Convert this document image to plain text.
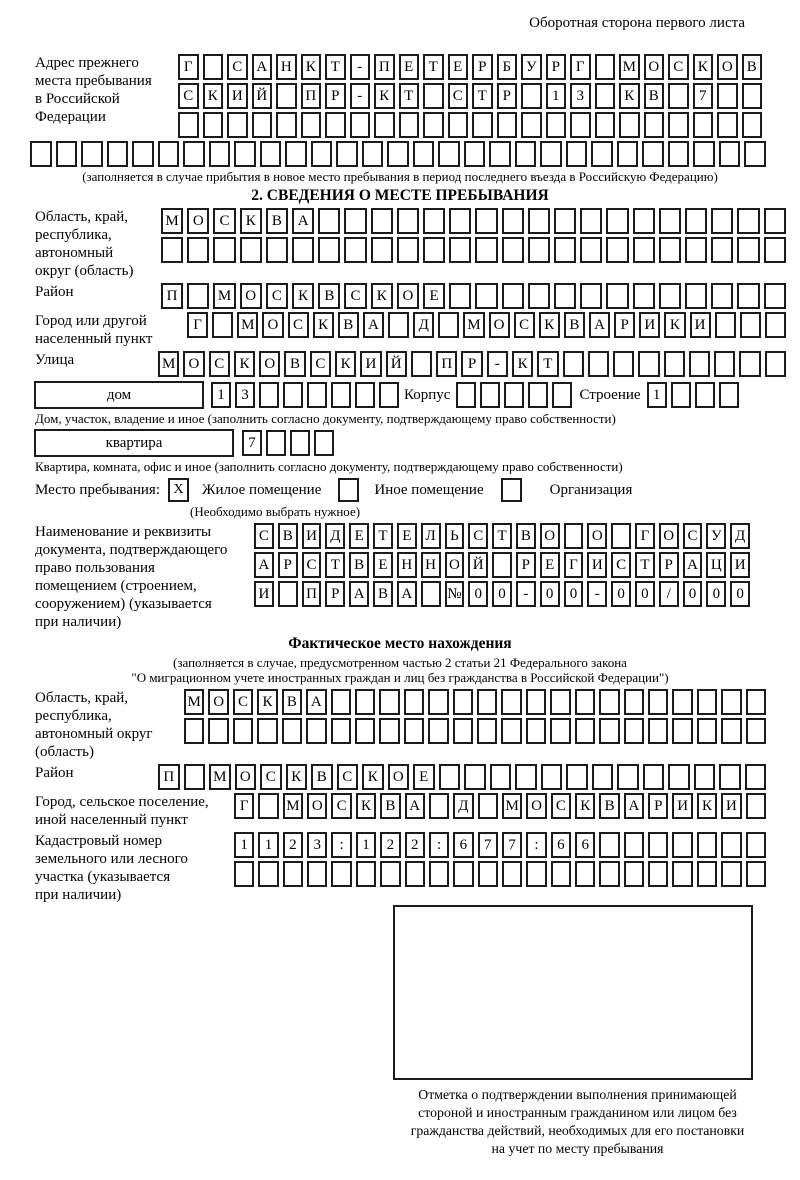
Оборотная сторона первого листа
Адрес прежнего
места пребывания
в Российской
Федерации
Г	С А Н К Т	-	П Е	Т	Е	Р	Б У	Р	Г	М О С К О В
С К И Й	П Р	-	К Т	С Т	Р	1	3	К В	7
(заполняется в случае прибытия в новое место пребывания в период последнего въезда в Российскую Федерацию)
2. СВЕДЕНИЯ О МЕСТЕ ПРЕБЫВАНИЯ
Область, край,
республика,
автономный
округ (область)
М О	С	К	В	А
Район	П	М О	С	К	В	С	К	О	Е
Город или другой
населенный пункт
Г	М О С	К	В А	Д	М О С	К	В А	Р	И К И
Улица	М О С	К О В	С	К И Й	П	Р	-	К	Т
дом	1	3	Корпус	Строение 1
Дом, участок, владение и иное (заполнить согласно документу, подтверждающему право собственности)
квартира	7
Квартира, комната, офис и иное (заполнить согласно документу, подтверждающему право собственности)
Место пребывания: X	Жилое помещение	Иное помещение	Организация
(Необходимо выбрать нужное)
Наименование и реквизиты
документа, подтверждающего
право пользования
помещением (строением,
сооружением) (указывается
при наличии)
С В И Д Е Т Е Л Ь С Т В О О	Г О С У Д
А Р С Т В Е Н Н О Й	Р	Е Г И С Т	Р А Ц И
И П Р А В А № 0	0	-	0	0	-	0	0	/	0	0	0
Фактическое место нахождения
(заполняется в случае, предусмотренном частью 2 статьи 21 Федерального закона
"О миграционном учете иностранных граждан и лиц без гражданства в Российской Федерации")
Область, край,
республика,
автономный округ
(область)
М О С К В А
Район	П	М О	С	К	В	С	К	О	Е
Город, сельское поселение,
иной населенный пункт
Г	М О С К В А	Д	М О С К В А Р И К И
Кадастровый номер
земельного или лесного
участка (указывается
при наличии)
1	1	2	3	:	1	2	2	:	6	7	7	:	6	6
Отметка о подтверждении выполнения принимающей
стороной и иностранным гражданином или лицом без
гражданства действий, необходимых для его постановки
на учет по месту пребывания
